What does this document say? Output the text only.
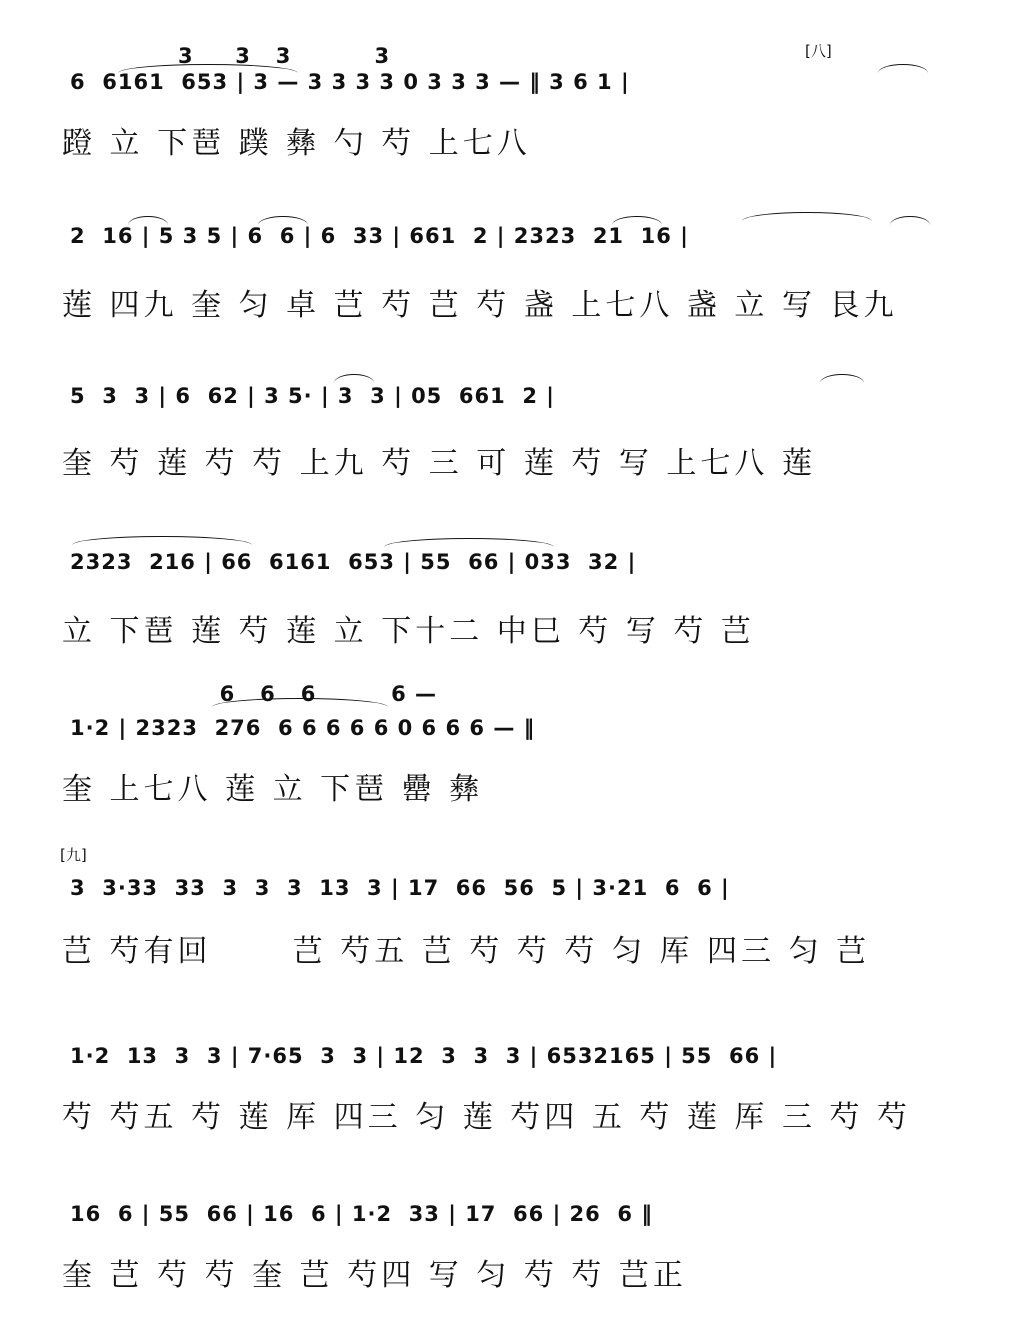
[八]
3     3   3          3
6  6161  653 | 3 — 3 3 3 3 0 3 3 3 — ‖ 3 6 1 |
蹬 立 下琶 蹼 彝 勺 芍 上七八
2  16 | 5 3 5 | 6  6 | 6  33 | 661  2 | 2323  21  16 |
莲 四九 奎 匀 卓 芑 芍 芑 芍 盏 上七八 盏 立 写 艮九
5  3  3 | 6  62 | 3 5· | 3  3 | 05  661  2 |
奎 芍 莲 芍 芍 上九 芍 三 可 莲 芍 写 上七八 莲
2323  216 | 66  6161  653 | 55  66 | 033  32 |
立 下琶 莲 芍 莲 立 下十二 中巳 芍 写 芍 芑
6   6   6         6 —
1·2 | 2323  276  6 6 6 6 6 0 6 6 6 — ‖
奎 上七八 莲 立 下琶 罍 彝
[九]
3  3·33  33  3  3  3  13  3 | 17  66  56  5 | 3·21  6  6 |
芑 芍有回      芑 芍五 芑 芍 芍 芍 匀 厍 四三 匀 芑
1·2  13  3  3 | 7·65  3  3 | 12  3  3  3 | 6532165 | 55  66 |
芍 芍五 芍 莲 厍 四三 匀 莲 芍四 五 芍 莲 厍 三 芍 芍
16  6 | 55  66 | 16  6 | 1·2  33 | 17  66 | 26  6 ‖
奎 芑 芍 芍 奎 芑 芍四 写 匀 芍 芍 芑正
